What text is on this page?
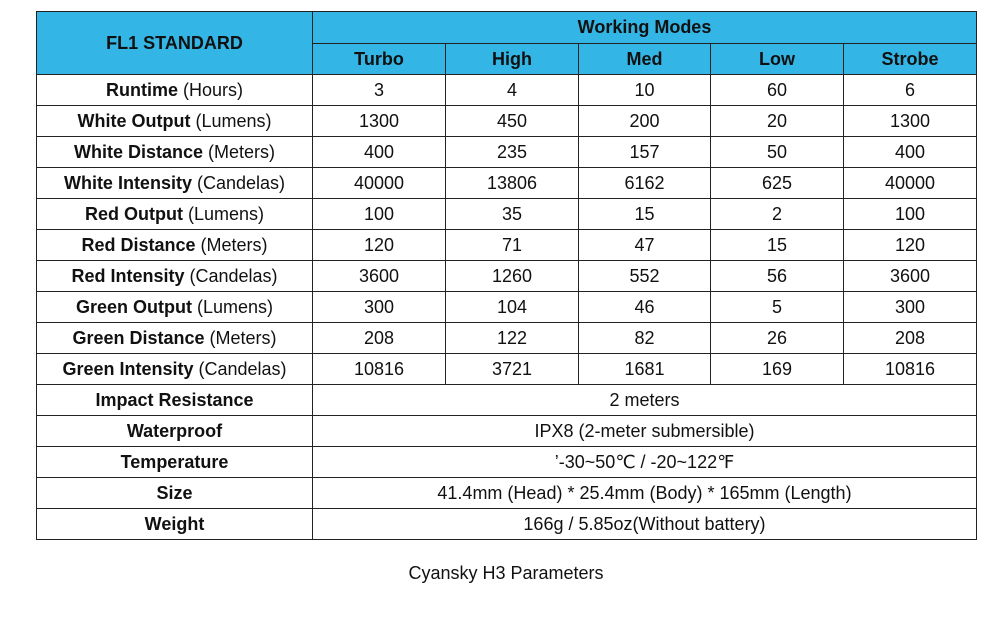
FL1 STANDARD	Working Modes				
	Turbo	High	Med	Low	Strobe
Runtime (Hours)	3	4	10	60	6
White Output (Lumens)	1300	450	200	20	1300
White Distance (Meters)	400	235	157	50	400
White Intensity (Candelas)	40000	13806	6162	625	40000
Red Output (Lumens)	100	35	15	2	100
Red Distance (Meters)	120	71	47	15	120
Red Intensity (Candelas)	3600	1260	552	56	3600
Green Output (Lumens)	300	104	46	5	300
Green Distance (Meters)	208	122	82	26	208
Green Intensity (Candelas)	10816	3721	1681	169	10816
Impact Resistance	2 meters				
Waterproof	IPX8 (2-meter submersible)				
Temperature	’-30~50℃ / -20~122℉				
Size	41.4mm (Head) * 25.4mm (Body) * 165mm (Length)				
Weight	166g / 5.85oz(Without battery)				
Cyansky H3 Parameters
